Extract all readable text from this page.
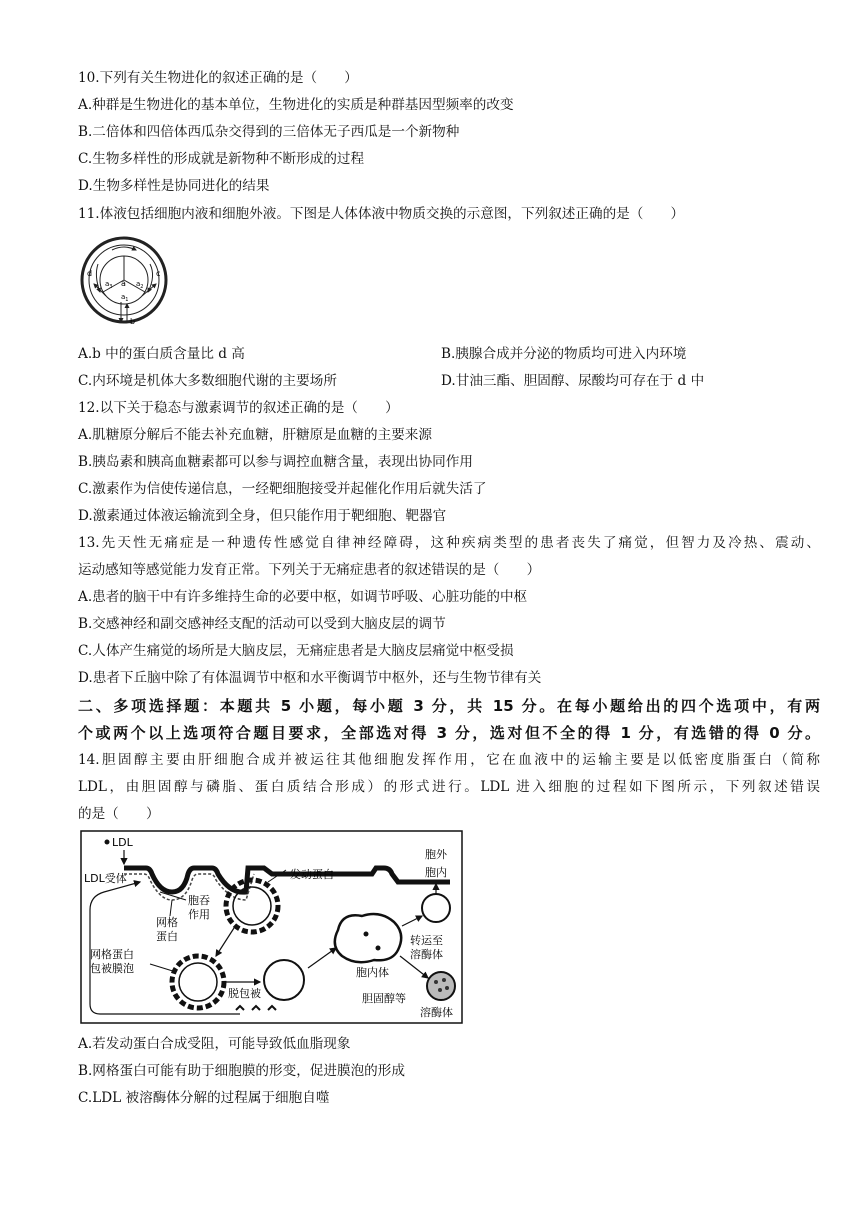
10.下列有关生物进化的叙述正确的是（　　）
A.种群是生物进化的基本单位，生物进化的实质是种群基因型频率的改变
B.二倍体和四倍体西瓜杂交得到的三倍体无子西瓜是一个新物种
C.生物多样性的形成就是新物种不断形成的过程
D.生物多样性是协同进化的结果
11.体液包括细胞内液和细胞外液。下图是人体体液中物质交换的示意图，下列叙述正确的是（　　）
a
$a_3$	$a_2$
$a_1$
b
c
d
A.b 中的蛋白质含量比 d 高	B.胰腺合成并分泌的物质均可进入内环境
C.内环境是机体大多数细胞代谢的主要场所	D.甘油三酯、胆固醇、尿酸均可存在于 d 中
12.以下关于稳态与激素调节的叙述正确的是（　　）
A.肌糖原分解后不能去补充血糖，肝糖原是血糖的主要来源
B.胰岛素和胰高血糖素都可以参与调控血糖含量，表现出协同作用
C.激素作为信使传递信息，一经靶细胞接受并起催化作用后就失活了
D.激素通过体液运输流到全身，但只能作用于靶细胞、靶器官
13.先天性无痛症是一种遗传性感觉自律神经障碍，这种疾病类型的患者丧失了痛觉，但智力及冷热、震动、
运动感知等感觉能力发育正常。下列关于无痛症患者的叙述错误的是（　　）
A.患者的脑干中有许多维持生命的必要中枢，如调节呼吸、心脏功能的中枢
B.交感神经和副交感神经支配的活动可以受到大脑皮层的调节
C.人体产生痛觉的场所是大脑皮层，无痛症患者是大脑皮层痛觉中枢受损
D.患者下丘脑中除了有体温调节中枢和水平衡调节中枢外，还与生物节律有关
二、多项选择题：本题共 5 小题，每小题 3 分，共 15 分。在每小题给出的四个选项中，有两
个或两个以上选项符合题目要求，全部选对得 3 分，选对但不全的得 1 分，有选错的得 0 分。
14.胆固醇主要由肝细胞合成并被运往其他细胞发挥作用，它在血液中的运输主要是以低密度脂蛋白（简称
LDL，由胆固醇与磷脂、蛋白质结合形成）的形式进行。LDL 进入细胞的过程如下图所示，下列叙述错误
的是（　　）
LDL
LDL受体	发动蛋白
胞外
胞内
胞吞
作用
网格
蛋白
网格蛋白
包被膜泡
脱包被
胞内体
转运至
溶酶体
胆固醇等
溶酶体
A.若发动蛋白合成受阻，可能导致低血脂现象
B.网格蛋白可能有助于细胞膜的形变，促进膜泡的形成
C.LDL 被溶酶体分解的过程属于细胞自噬
